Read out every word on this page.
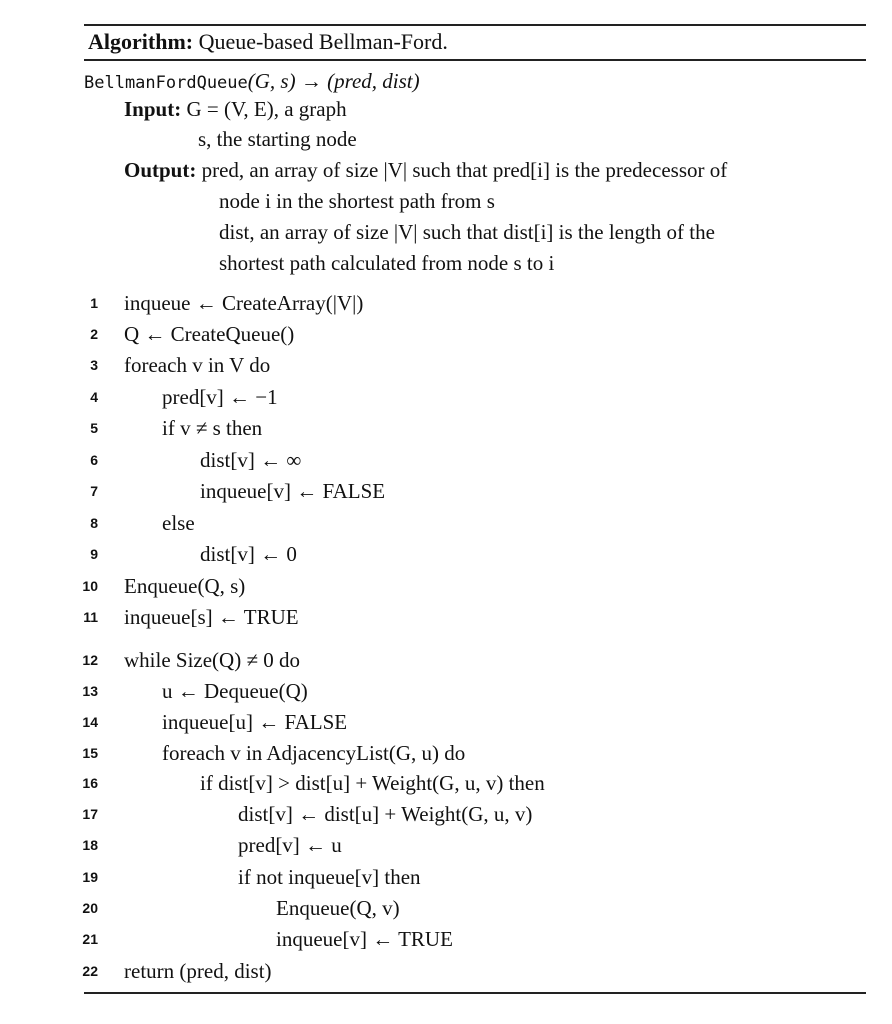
Algorithm: Queue-based Bellman-Ford.
BellmanFordQueue(G, s) → (pred, dist)
Input: G = (V, E), a graph
s, the starting node
Output: pred, an array of size |V| such that pred[i] is the predecessor of
node i in the shortest path from s
dist, an array of size |V| such that dist[i] is the length of the
shortest path calculated from node s to i
1 inqueue ← CreateArray(|V|)
2 Q ← CreateQueue()
3 foreach v in V do
4	pred[v] ← −1
5	if v ≠ s then
6	dist[v] ← ∞
7	inqueue[v] ← FALSE
8	else
9	dist[v] ← 0
10 Enqueue(Q, s)
11 inqueue[s] ← TRUE
12 while Size(Q) ≠ 0 do
13	u ← Dequeue(Q)
14	inqueue[u] ← FALSE
15	foreach v in AdjacencyList(G, u) do
16	if dist[v] > dist[u] + Weight(G, u, v) then
17	dist[v] ← dist[u] + Weight(G, u, v)
18	pred[v] ← u
19	if not inqueue[v] then
20	Enqueue(Q, v)
21	inqueue[v] ← TRUE
22 return (pred, dist)
